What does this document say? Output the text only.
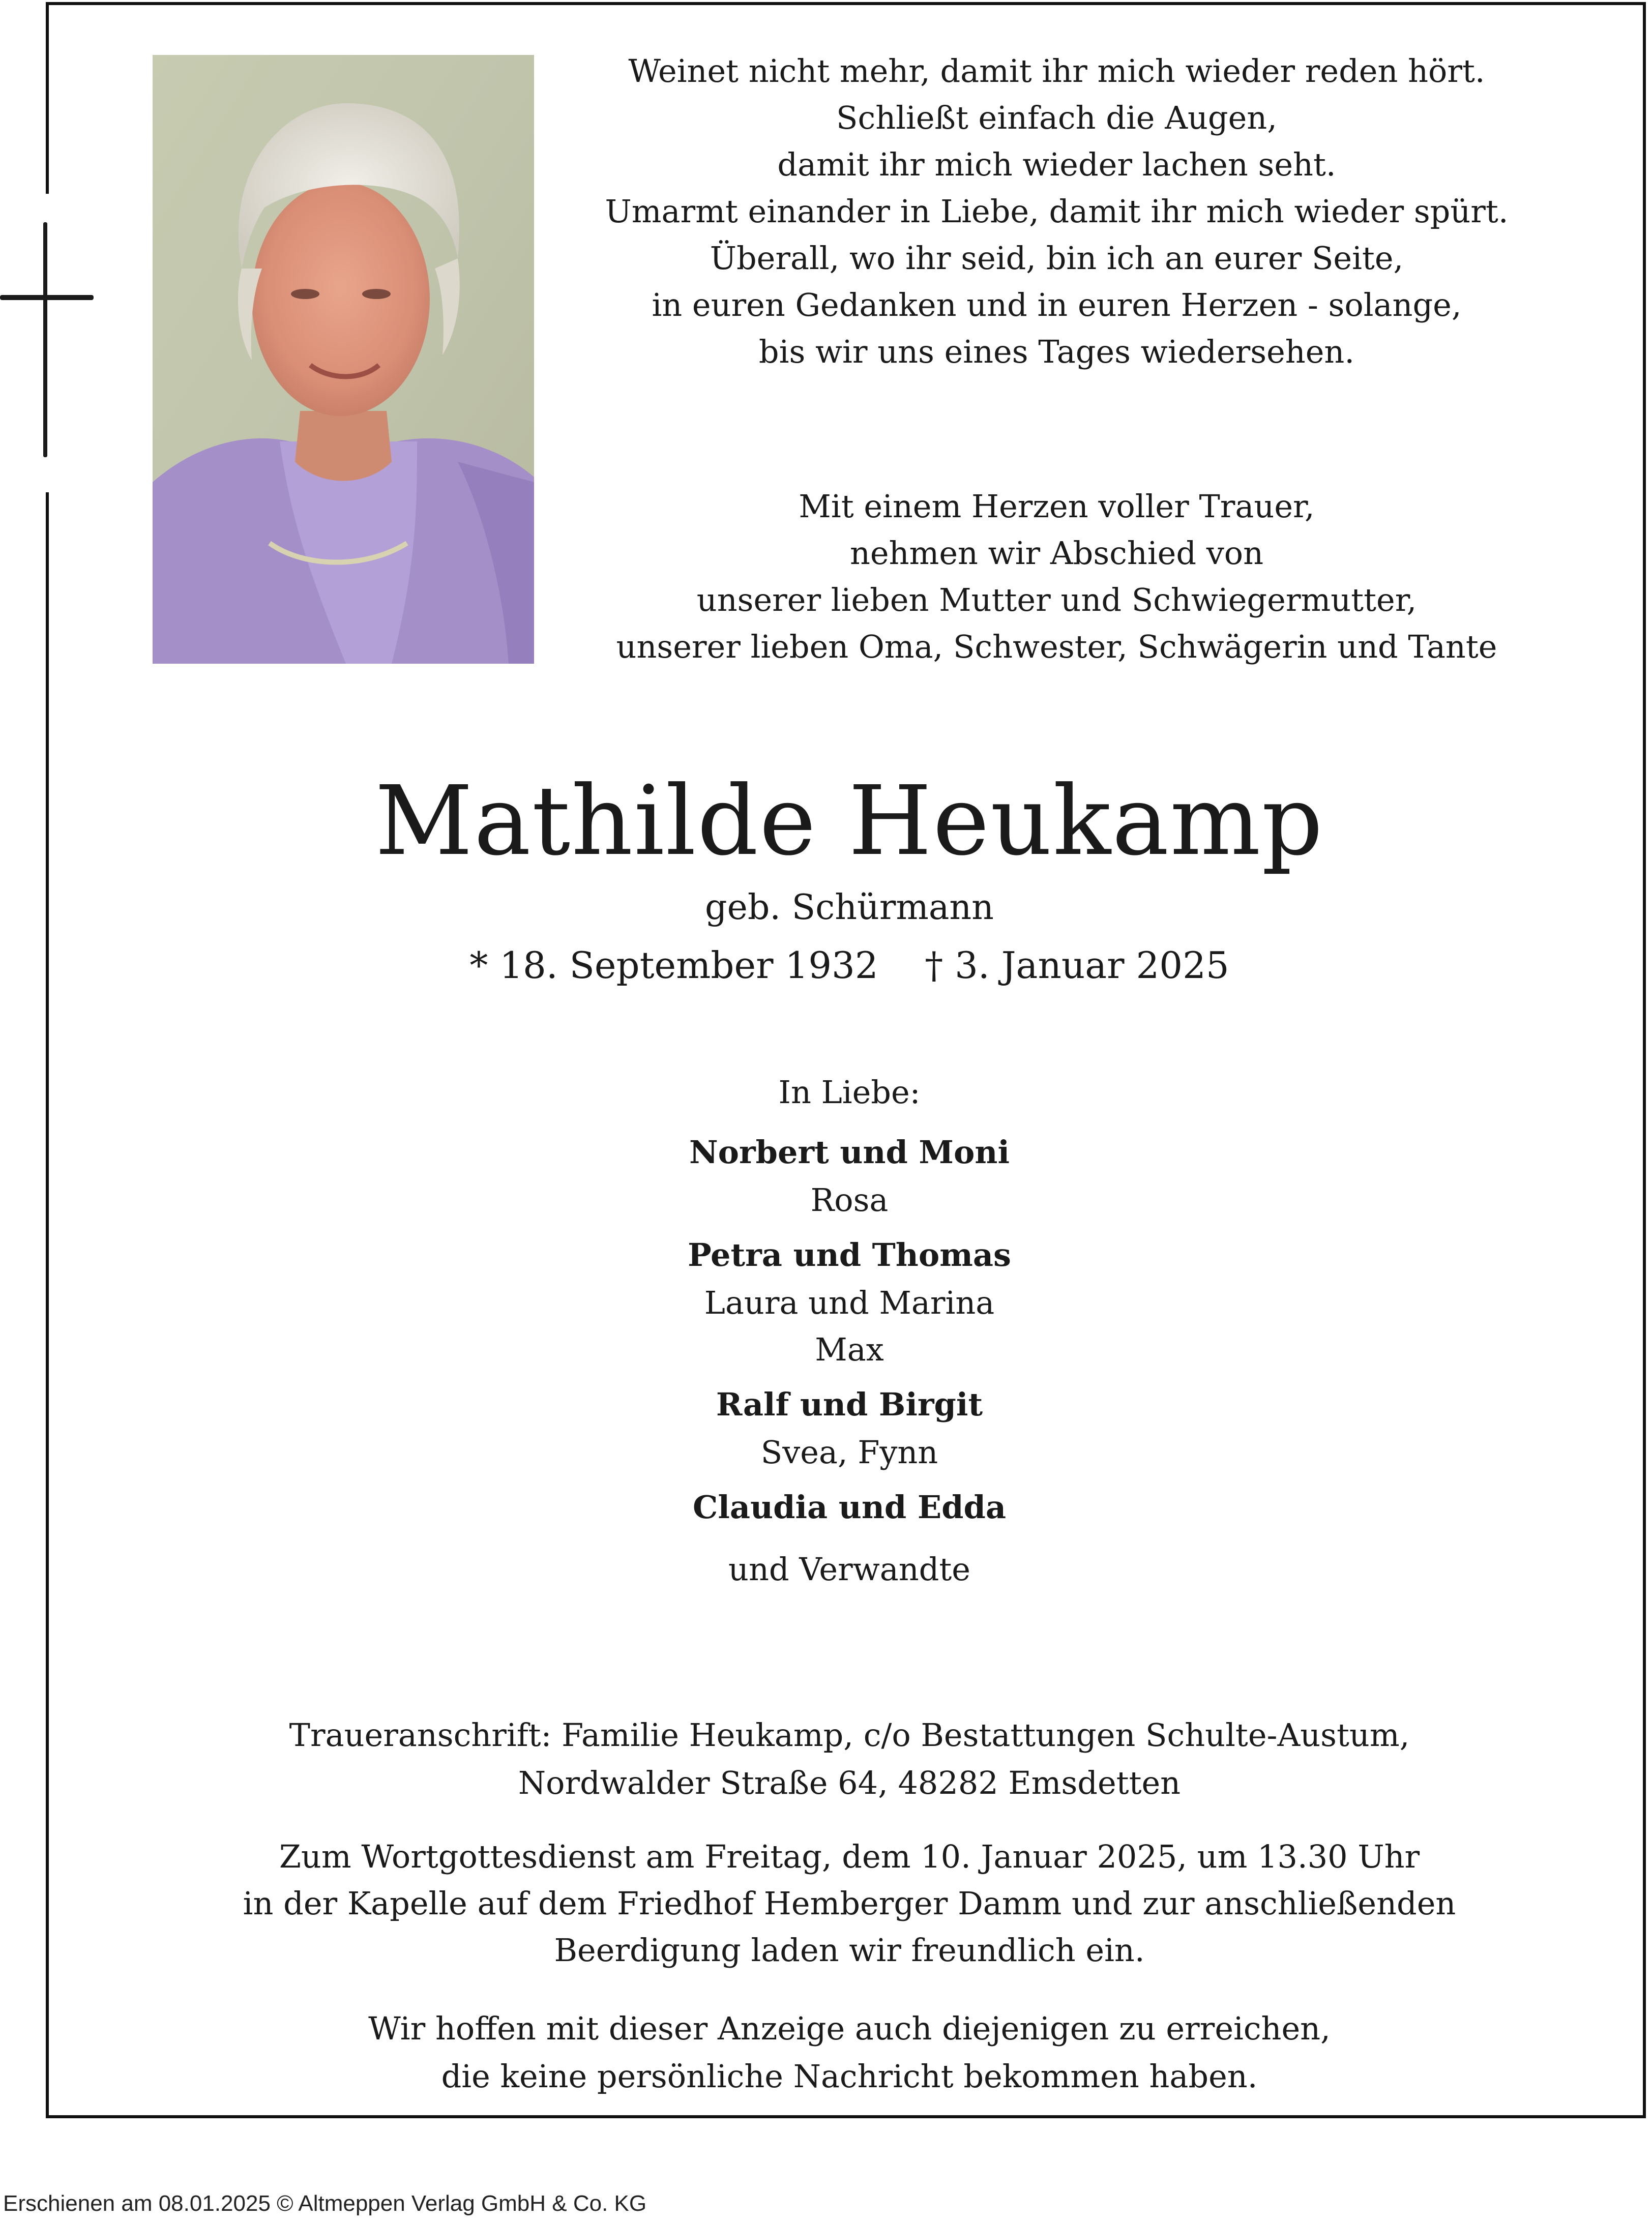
Weinet nicht mehr, damit ihr mich wieder reden hört.
Schließt einfach die Augen,
damit ihr mich wieder lachen seht.
Umarmt einander in Liebe, damit ihr mich wieder spürt.
Überall, wo ihr seid, bin ich an eurer Seite,
in euren Gedanken und in euren Herzen - solange,
bis wir uns eines Tages wiedersehen.
Mit einem Herzen voller Trauer,
nehmen wir Abschied von
unserer lieben Mutter und Schwiegermutter,
unserer lieben Oma, Schwester, Schwägerin und Tante
Mathilde Heukamp
geb. Schürmann
* 18. September 1932 † 3. Januar 2025
In Liebe:
Norbert und Moni
Rosa
Petra und Thomas
Laura und Marina
Max
Ralf und Birgit
Svea, Fynn
Claudia und Edda
und Verwandte
Traueranschrift: Familie Heukamp, c/o Bestattungen Schulte-Austum,
Nordwalder Straße 64, 48282 Emsdetten
Zum Wortgottesdienst am Freitag, dem 10. Januar 2025, um 13.30 Uhr
in der Kapelle auf dem Friedhof Hemberger Damm und zur anschließenden
Beerdigung laden wir freundlich ein.
Wir hoffen mit dieser Anzeige auch diejenigen zu erreichen,
die keine persönliche Nachricht bekommen haben.
Erschienen am 08.01.2025 © Altmeppen Verlag GmbH & Co. KG
